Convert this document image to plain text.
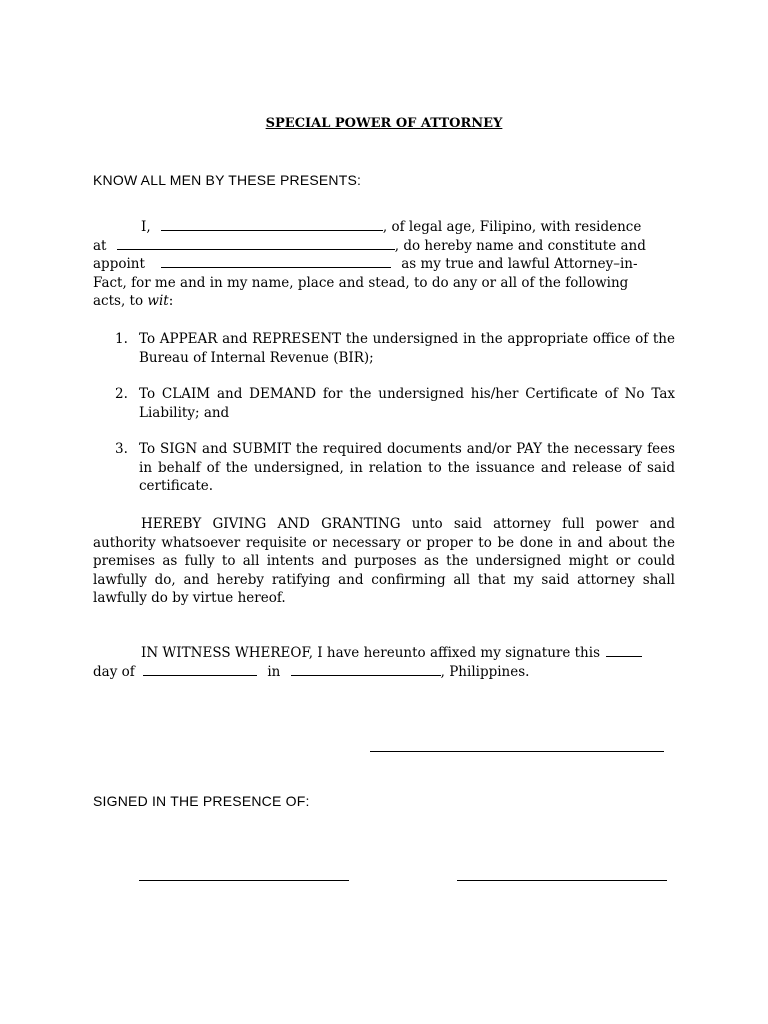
SPECIAL POWER OF ATTORNEY
KNOW ALL MEN BY THESE PRESENTS:
I,	, of legal age, Filipino, with residence
at	, do hereby name and constitute and
appoint	as my true and lawful Attorney–in-
Fact, for me and in my name, place and stead, to do any or all of the following
acts, to wit:
1. To APPEAR and REPRESENT the undersigned in the appropriate office of the Bureau of Internal Revenue (BIR);
2. To CLAIM and DEMAND for the undersigned his/her Certificate of No Tax Liability; and
3. To SIGN and SUBMIT the required documents and/or PAY the necessary fees in behalf of the undersigned, in relation to the issuance and release of said certificate.
HEREBY GIVING AND GRANTING unto said attorney full power and authority whatsoever requisite or necessary or proper to be done in and about the premises as fully to all intents and purposes as the undersigned might or could lawfully do, and hereby ratifying and confirming all that my said attorney shall lawfully do by virtue hereof.
IN WITNESS WHEREOF, I have hereunto affixed my signature this
day of	in	, Philippines.
SIGNED IN THE PRESENCE OF:
